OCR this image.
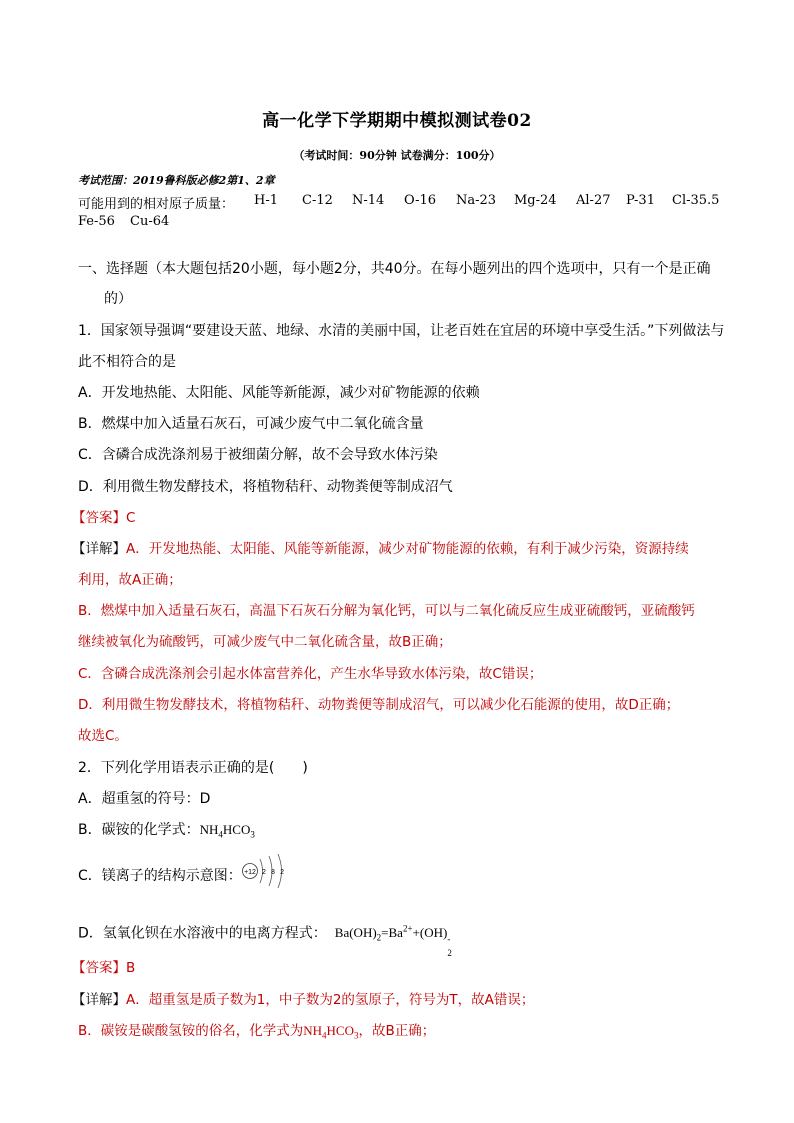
高一化学下学期期中模拟测试卷02
（考试时间：90分钟 试卷满分：100分）
考试范围：2019鲁科版必修2第1、2章
可能用到的相对原子质量： H-1 C-12 N-14 O-16 Na-23 Mg-24 Al-27 P-31 Cl-35.5
Fe-56 Cu-64
一、选择题（本大题包括20小题，每小题2分，共40分。在每小题列出的四个选项中，只有一个是正确
的）
1．国家领导强调“要建设天蓝、地绿、水清的美丽中国，让老百姓在宜居的环境中享受生活。”下列做法与
此不相符合的是
A．开发地热能、太阳能、风能等新能源，减少对矿物能源的依赖
B．燃煤中加入适量石灰石，可减少废气中二氧化硫含量
C．含磷合成洗涤剂易于被细菌分解，故不会导致水体污染
D．利用微生物发酵技术，将植物秸秆、动物粪便等制成沼气
【答案】C
【详解】A．开发地热能、太阳能、风能等新能源，减少对矿物能源的依赖，有利于减少污染，资源持续
利用，故A正确；
B．燃煤中加入适量石灰石，高温下石灰石分解为氧化钙，可以与二氧化硫反应生成亚硫酸钙，亚硫酸钙
继续被氧化为硫酸钙，可减少废气中二氧化硫含量，故B正确；
C．含磷合成洗涤剂会引起水体富营养化，产生水华导致水体污染，故C错误；
D．利用微生物发酵技术，将植物秸秆、动物粪便等制成沼气，可以减少化石能源的使用，故D正确；
故选C。
2．下列化学用语表示正确的是(　　)
A．超重氢的符号：D
B．碳铵的化学式：$NH_4HCO_3$
C．镁离子的结构示意图： +12 2 8 2
D．氢氧化钡在水溶液中的电离方程式： $Ba(OH)_2=Ba^{2+}+(OH)$ -
2
【答案】B
【详解】A．超重氢是质子数为1，中子数为2的氢原子，符号为T，故A错误；
B．碳铵是碳酸氢铵的俗名，化学式为$NH_4HCO_3$，故B正确；
